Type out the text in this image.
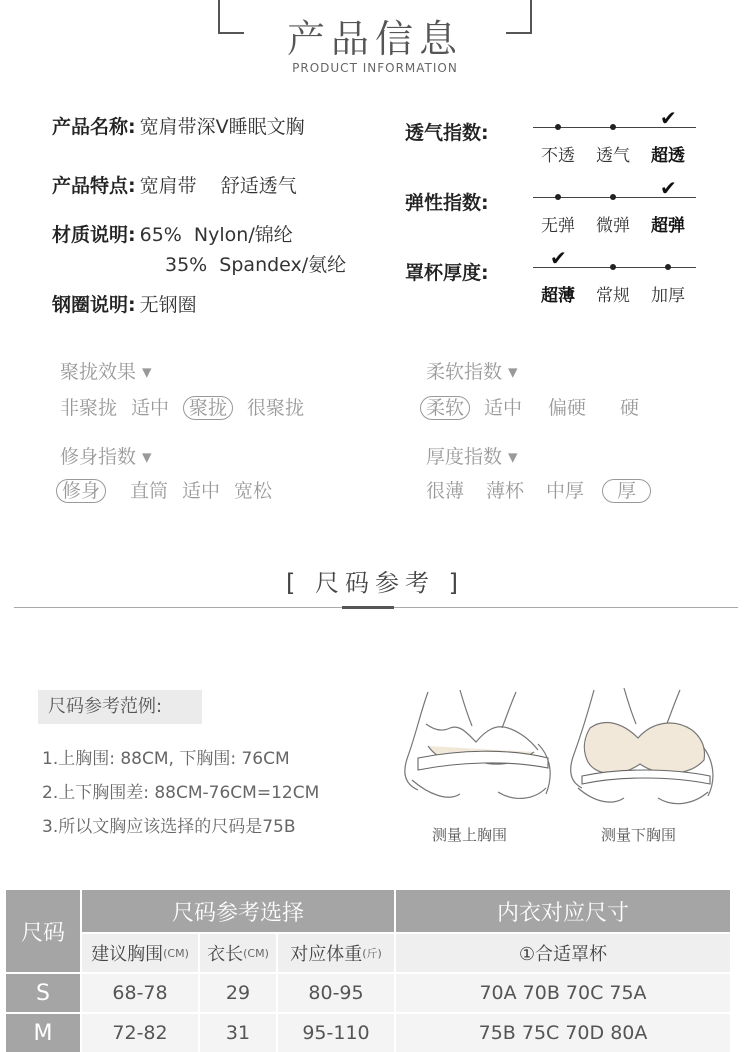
产品信息
PRODUCT INFORMATION
产品名称: 宽肩带深V睡眠文胸
产品特点: 宽肩带    舒适透气
材质说明: 65%  Nylon/锦纶
35%  Spandex/氨纶
钢圈说明: 无钢圈
透气指数:
不透	透气
✔
超透
弹性指数:
无弹	微弹
✔
超弹
罩杯厚度:
✔
超薄	常规	加厚
聚拢效果 ▾
非聚拢 适中 聚拢 很聚拢
柔软指数 ▾
柔软 适中 偏硬 硬
修身指数 ▾
修身 直筒 适中 宽松
厚度指数 ▾
很薄 薄杯 中厚 厚
[ 尺码参考 ]
尺码参考范例:
1.上胸围: 88CM, 下胸围: 76CM
2.上下胸围差: 88CM-76CM=12CM
3.所以文胸应该选择的尺码是75B	测量上胸围	测量下胸围
尺码
尺码参考选择	内衣对应尺寸
建议胸围 (CM) 衣长 (CM) 对应体重 (斤)	①合适罩杯
S	68-78	29	80-95	70A 70B 70C 75A
M	72-82	31	95-110	75B 75C 70D 80A
